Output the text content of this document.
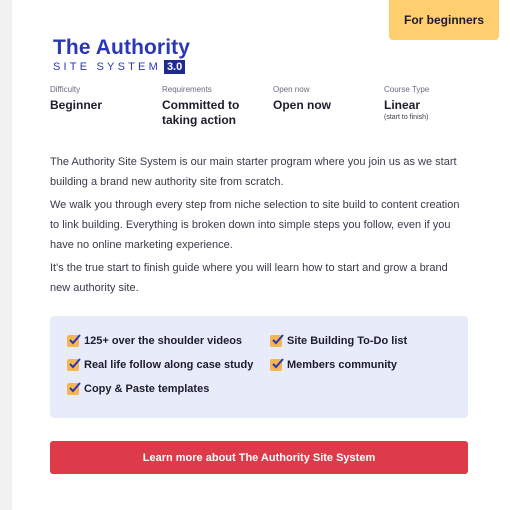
For beginners
The Authority
SITE SYSTEM 3.0
Difficulty
Beginner
Requirements
Committed to taking action
Open now
Open now
Course Type
Linear
(start to finish)

The Authority Site System is our main starter program where you join us as we start building a brand new authority site from scratch.

We walk you through every step from niche selection to site build to content creation to link building. Everything is broken down into simple steps you follow, even if you have no online marketing experience.

It's the true start to finish guide where you will learn how to start and grow a brand new authority site.

125+ over the shoulder videos	Site Building To-Do list
Real life follow along case study	Members community
Copy & Paste templates
Learn more about The Authority Site System
